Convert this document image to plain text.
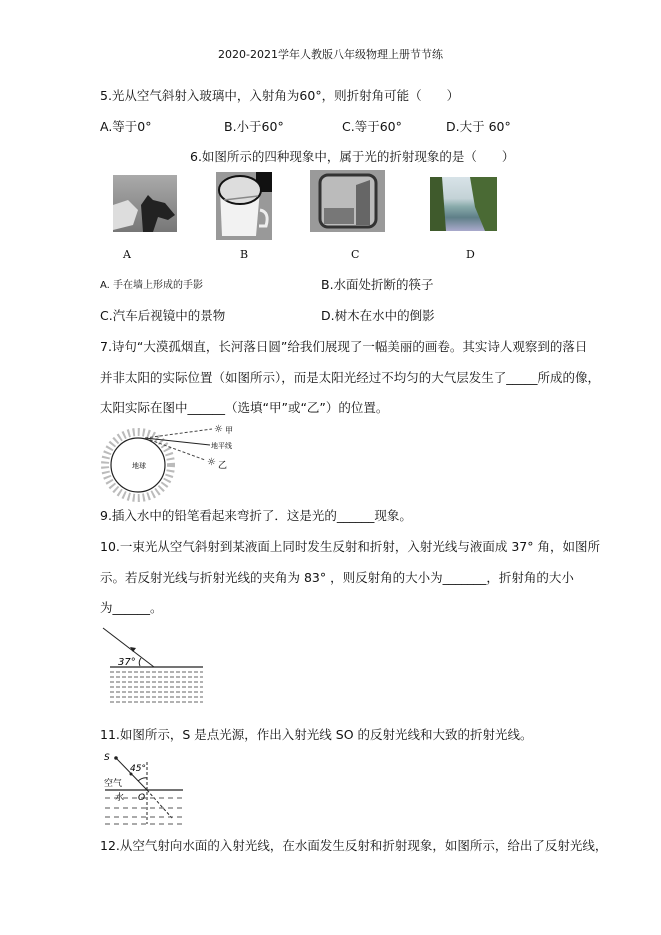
2020-2021学年人教版八年级物理上册节节练
5.光从空气斜射入玻璃中，入射角为60°，则折射角可能（　　）
A.等于0°	B.小于60°	C.等于60°	D.大于 60°
6.如图所示的四种现象中，属于光的折射现象的是（　　）
A	B	C	D
A. 手在墙上形成的手影	B.水面处折断的筷子
C.汽车后视镜中的景物	D.树木在水中的倒影
7.诗句“大漠孤烟直，长河落日圆”给我们展现了一幅美丽的画卷。其实诗人观察到的落日
并非太阳的实际位置（如图所示），而是太阳光经过不均匀的大气层发生了_____所成的像，
太阳实际在图中______（选填“甲”或“乙”）的位置。
☼
☼
甲
地平线
乙
地球
9.插入水中的铅笔看起来弯折了．这是光的______现象。
10.一束光从空气斜射到某液面上同时发生反射和折射，入射光线与液面成 37° 角，如图所
示。若反射光线与折射光线的夹角为 83° ，则反射角的大小为_______，折射角的大小
为______。
37°
11.如图所示，S 是点光源，作出入射光线 SO 的反射光线和大致的折射光线。
S
45°
空气
水 O
12.从空气射向水面的入射光线，在水面发生反射和折射现象，如图所示，给出了反射光线，
